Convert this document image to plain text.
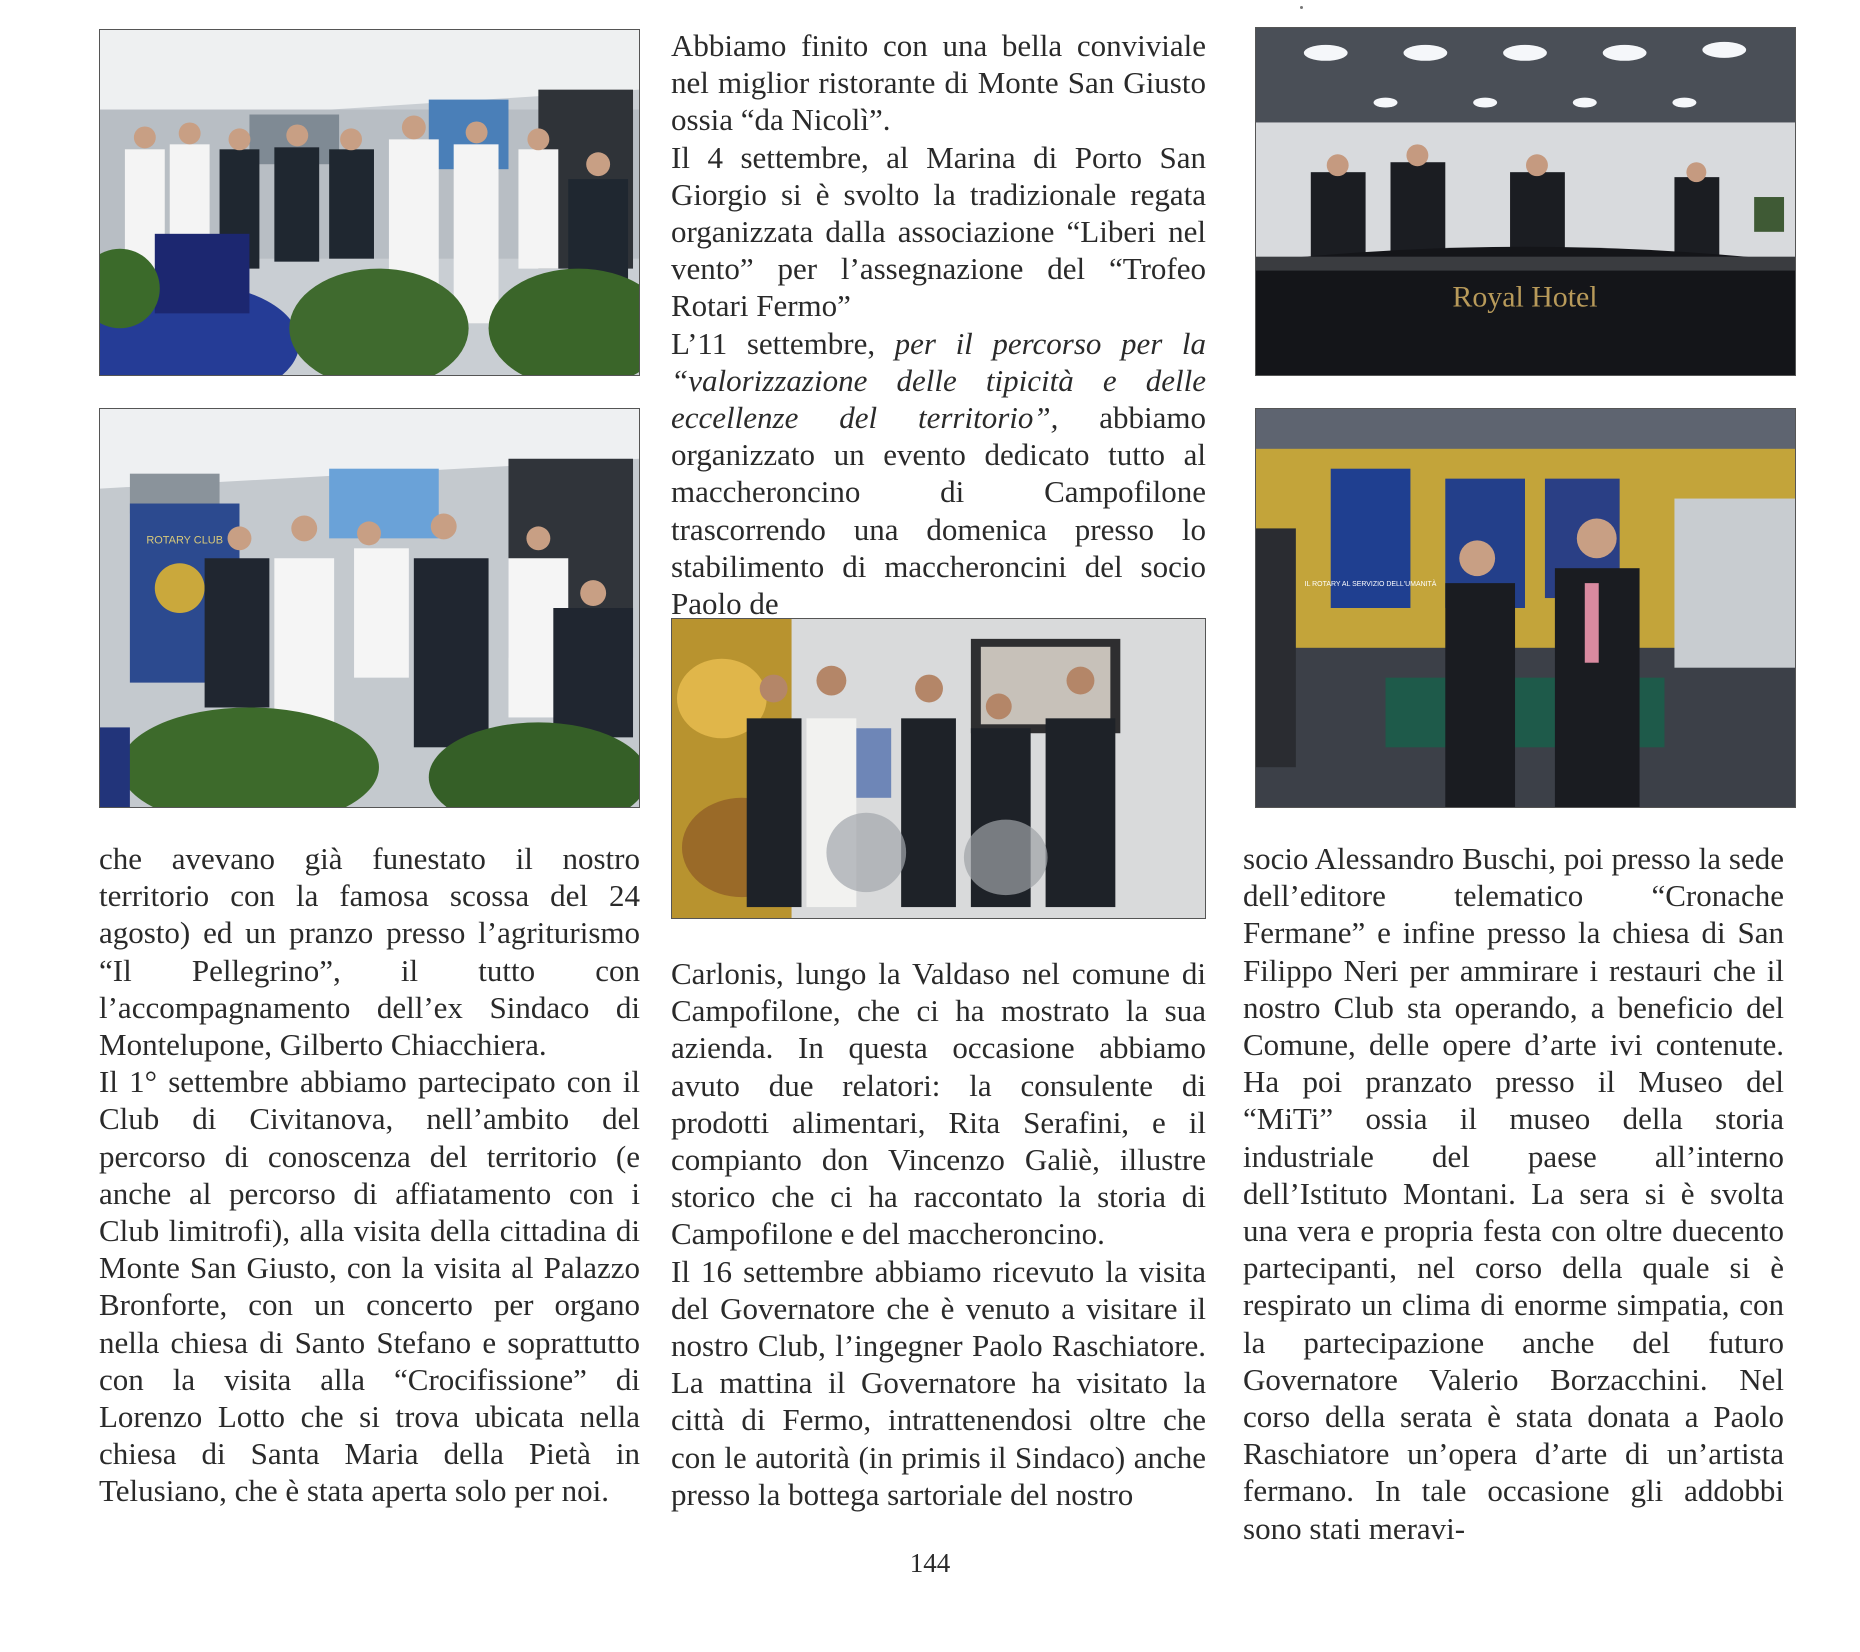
Royal Hotel
ROTARY CLUB
IL ROTARY AL SERVIZIO DELL'UMANITÀ

Abbiamo finito con una bella conviviale nel miglior ristorante di Monte San Giusto ossia “da Nicolì”.

Il 4 settembre, al Marina di Porto San Giorgio si è svolto la tradizionale regata organizzata dalla associazione “Liberi nel vento” per l’assegnazione del “Trofeo Rotari Fermo”

L’11 settembre, per il percorso per la “valorizzazione delle tipicità e delle eccellenze del territorio”, abbiamo organizzato un evento dedicato tutto al maccheroncino di Campofilone trascorrendo una domenica presso lo stabilimento di maccheroncini del socio Paolo de

che avevano già funestato il nostro territorio con la famosa scossa del 24 agosto) ed un pranzo presso l’agriturismo “Il Pellegrino”, il tutto con l’accompagnamento dell’ex Sindaco di Montelupone, Gilberto Chiacchiera.

Il 1° settembre abbiamo partecipato con il Club di Civitanova, nell’ambito del percorso di conoscenza del territorio (e anche al percorso di affiatamento con i Club limitrofi), alla visita della cittadina di Monte San Giusto, con la visita al Palazzo Bronforte, con un concerto per organo nella chiesa di Santo Stefano e soprattutto con la visita alla “Crocifissione” di Lorenzo Lotto che si trova ubicata nella chiesa di Santa Maria della Pietà in Telusiano, che è stata aperta solo per noi.

Carlonis, lungo la Valdaso nel comune di Campofilone, che ci ha mostrato la sua azienda. In questa occasione abbiamo avuto due relatori: la consulente di prodotti alimentari, Rita Serafini, e il compianto don Vincenzo Galiè, illustre storico che ci ha raccontato la storia di Campofilone e del maccheroncino.

Il 16 settembre abbiamo ricevuto la visita del Governatore che è venuto a visitare il nostro Club, l’ingegner Paolo Raschiatore. La mattina il Governatore ha visitato la città di Fermo, intrattenendosi oltre che con le autorità (in primis il Sindaco) anche presso la bottega sartoriale del nostro

socio Alessandro Buschi, poi presso la sede dell’editore telematico “Cronache Fermane” e infine presso la chiesa di San Filippo Neri per ammirare i restauri che il nostro Club sta operando, a beneficio del Comune, delle opere d’arte ivi contenute. Ha poi pranzato presso il Museo del “MiTi” ossia il museo della storia industriale del paese all’interno dell’Istituto Montani. La sera si è svolta una vera e propria festa con oltre duecento partecipanti, nel corso della quale si è respirato un clima di enorme simpatia, con la partecipazione anche del futuro Governatore Valerio Borzacchini. Nel corso della serata è stata donata a Paolo Raschiatore un’opera d’arte di un’artista fermano. In tale occasione gli addobbi sono stati meravi-

144
